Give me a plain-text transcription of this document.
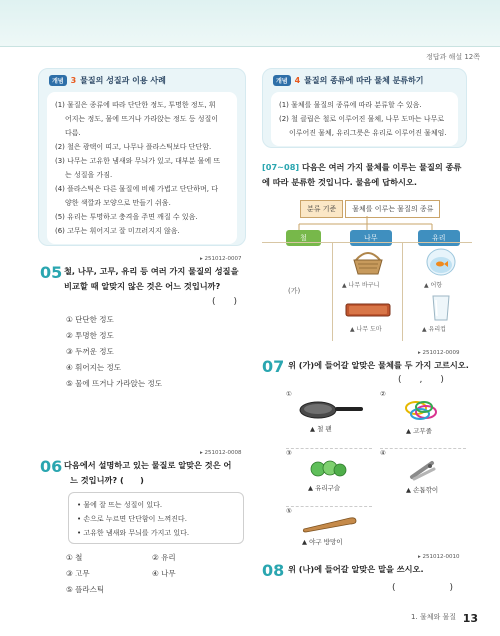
정답과 해설 12쪽
개념 3 물질의 성질과 이용 사례
(1) 물질은 종류에 따라 단단한 정도, 투명한 정도, 휘
어지는 정도, 물에 뜨거나 가라앉는 정도 등 성질이
다름.
(2) 철은 광택이 띠고, 나무나 플라스틱보다 단단함.
(3) 나무는 고유한 냄새와 무늬가 있고, 대부분 물에 뜨
는 성질을 가짐.
(4) 플라스틱은 다른 물질에 비해 가볍고 단단하며, 다
양한 색깔과 모양으로 만들기 쉬움.
(5) 유리는 투명하고 충격을 주면 깨질 수 있음.
(6) 고무는 휘어지고 잘 미끄러지지 않음.
개념 4 물질의 종류에 따라 물체 분류하기
(1) 물체를 물질의 종류에 따라 분류할 수 있음.
(2) 철 클립은 철로 이루어진 물체, 나무 도마는 나무로
이루어진 물체, 유리그릇은 유리로 이루어진 물체임.
▸ 251012-0007
05 철, 나무, 고무, 유리 등 여러 가지 물질의 성질을
비교할 때 알맞지 않은 것은 어느 것입니까?
(　　)
① 단단한 정도
② 투명한 정도
③ 두꺼운 정도
④ 휘어지는 정도
⑤ 물에 뜨거나 가라앉는 정도
▸ 251012-0008
06 다음에서 설명하고 있는 물질로 알맞은 것은 어
느 것입니까? (　　)
• 물에 잘 뜨는 성질이 있다.
• 손으로 누르면 단단함이 느껴진다.
• 고유한 냄새와 무늬를 가지고 있다.
① 철	② 유리
③ 고무	④ 나무
⑤ 플라스틱
[07~08] 다음은 여러 가지 물체를 이루는 물질의 종류
에 따라 분류한 것입니다. 물음에 답하시오.
분류 기준	물체를 이루는 물질의 종류
철	나무	유리
(가)
▲ 나무 바구니
▲ 나무 도마
▲ 어항
▲ 유리컵
▸ 251012-0009
07 위 (가)에 들어갈 알맞은 물체를 두 가지 고르시오.
(　　,　　)
①
▲ 철 팬
②
▲ 고무줄
③
▲ 유리구슬
④
▲ 손톱깎이
⑤
▲ 야구 방망이
▸ 251012-0010
08 위 (나)에 들어갈 알맞은 말을 쓰시오.
(　　　　　　)
1. 물체와 물질 13
